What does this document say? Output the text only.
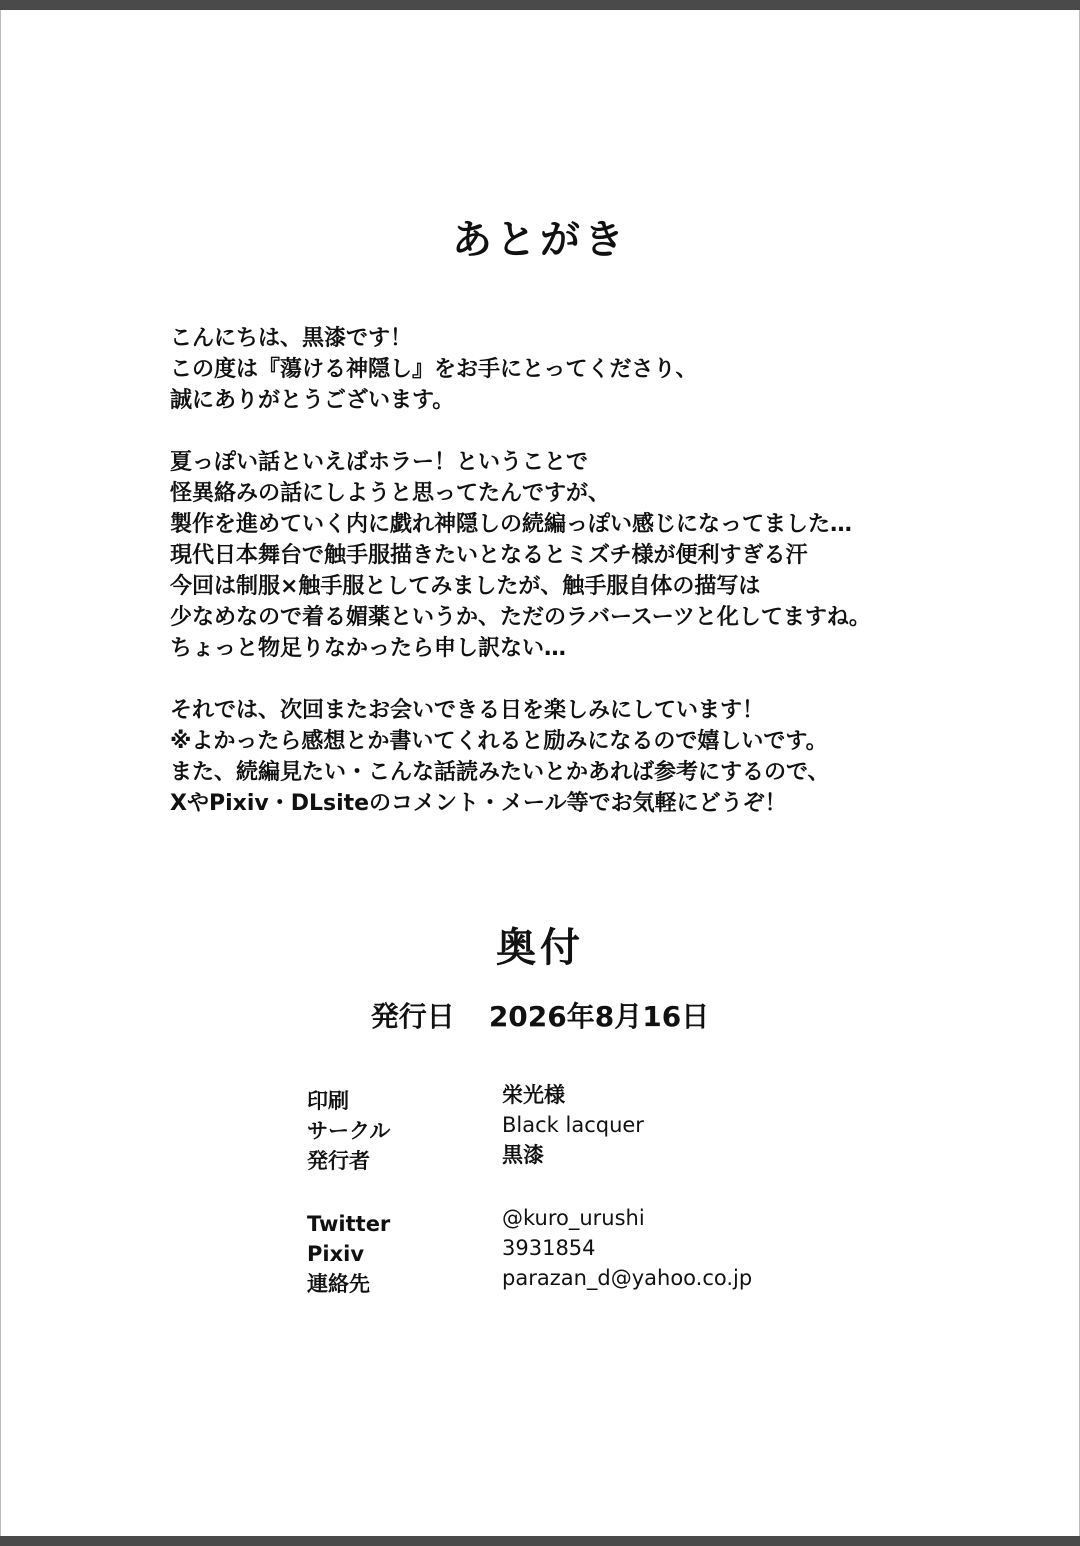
あとがき
こんにちは、黒漆です！
この度は『蕩ける神隠し』をお手にとってくださり、
誠にありがとうございます。
夏っぽい話といえばホラー！ということで
怪異絡みの話にしようと思ってたんですが、
製作を進めていく内に戯れ神隠しの続編っぽい感じになってました…
現代日本舞台で触手服描きたいとなるとミズチ様が便利すぎる汗
今回は制服×触手服としてみましたが、触手服自体の描写は
少なめなので着る媚薬というか、ただのラバースーツと化してますね。
ちょっと物足りなかったら申し訳ない…
それでは、次回またお会いできる日を楽しみにしています！
※よかったら感想とか書いてくれると励みになるので嬉しいです。
また、続編見たい・こんな話読みたいとかあれば参考にするので、
XやPixiv・DLsiteのコメント・メール等でお気軽にどうぞ！
奥付
発行日 2026年8月16日
印刷	栄光様
サークル	Black lacquer
発行者	黒漆
Twitter	@kuro_urushi
Pixiv	3931854
連絡先	parazan_d@yahoo.co.jp
